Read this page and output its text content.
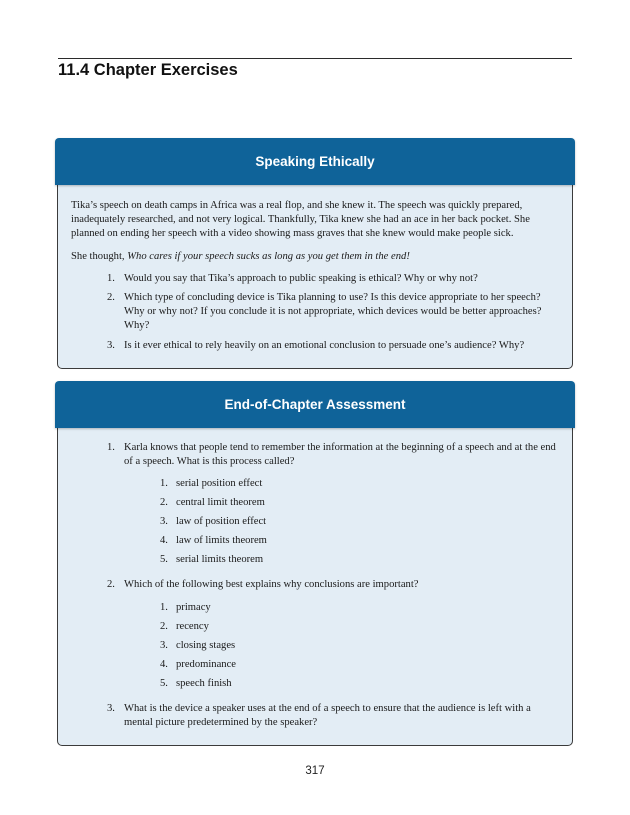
11.4 Chapter Exercises
Speaking Ethically

Tika’s speech on death camps in Africa was a real flop, and she knew it. The speech was quickly prepared, inadequately researched, and not very logical. Thankfully, Tika knew she had an ace in her back pocket. She planned on ending her speech with a video showing mass graves that she knew would make people sick.

She thought, Who cares if your speech sucks as long as you get them in the end!

1. Would you say that Tika’s approach to public speaking is ethical? Why or why not?
2. Which type of concluding device is Tika planning to use? Is this device appropriate to her speech? Why or why not? If you conclude it is not appropriate, which devices would be better approaches? Why?
3. Is it ever ethical to rely heavily on an emotional conclusion to persuade one’s audience? Why?
End-of-Chapter Assessment
1. Karla knows that people tend to remember the information at the beginning of a speech and at the end of a speech. What is this process called?
1. serial position effect
2. central limit theorem
3. law of position effect
4. law of limits theorem
5. serial limits theorem
2. Which of the following best explains why conclusions are important?
1. primacy
2. recency
3. closing stages
4. predominance
5. speech finish
3. What is the device a speaker uses at the end of a speech to ensure that the audience is left with a mental picture predetermined by the speaker?
317
